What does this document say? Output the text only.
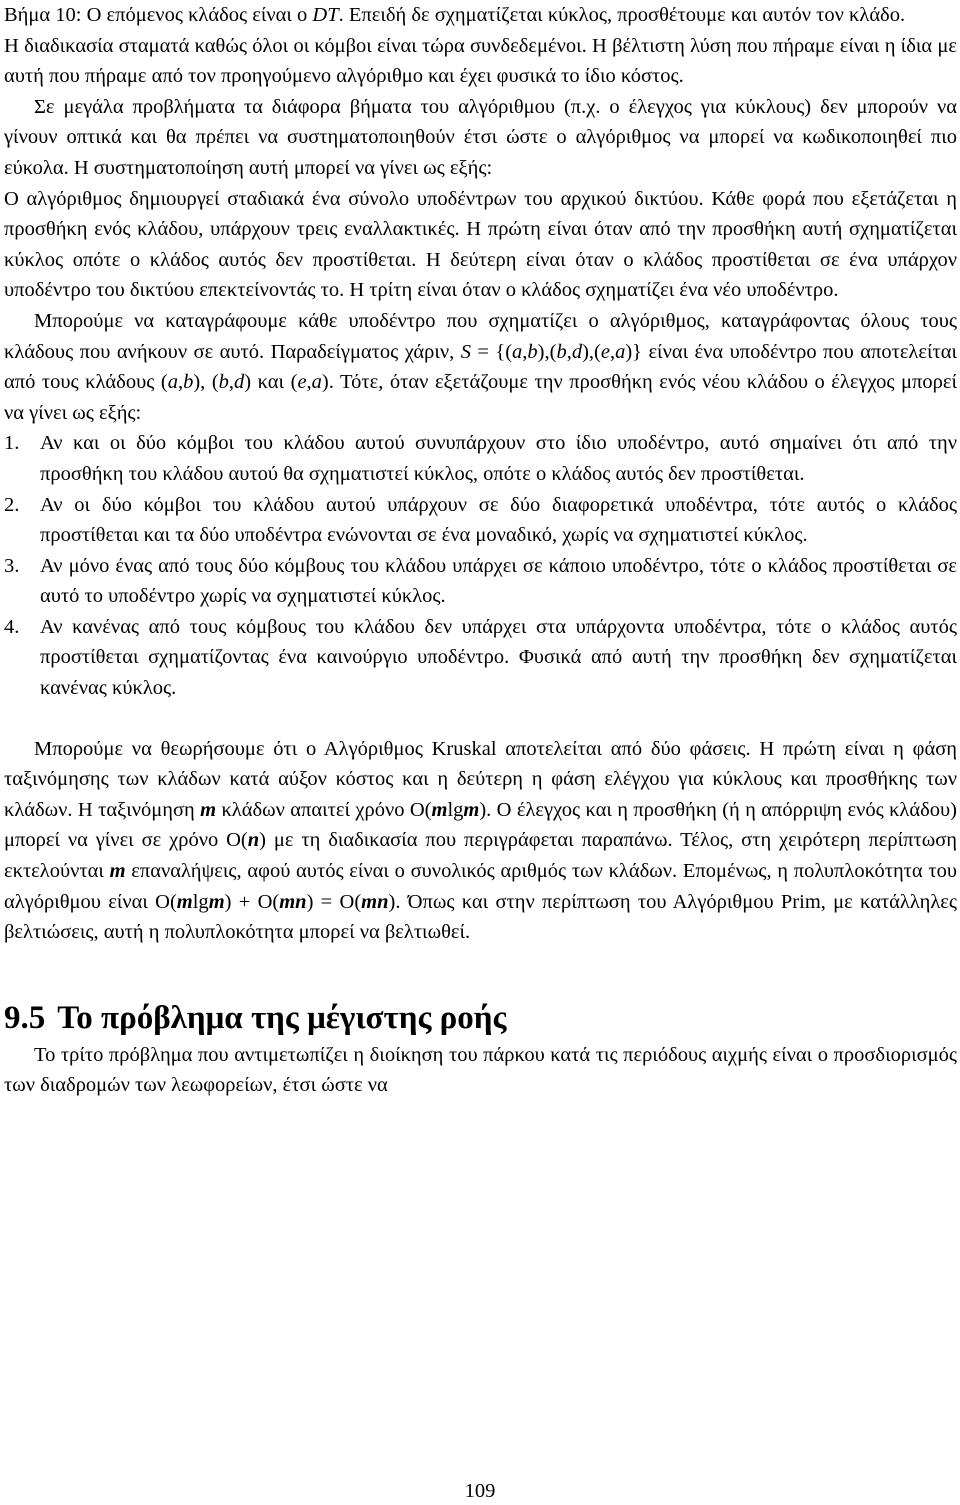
Βήμα 10: Ο επόμενος κλάδος είναι ο DT. Επειδή δε σχηματίζεται κύκλος, προσθέτουμε και αυτόν τον κλάδο.

Η διαδικασία σταματά καθώς όλοι οι κόμβοι είναι τώρα συνδεδεμένοι. Η βέλτιστη λύση που πήραμε είναι η ίδια με αυτή που πήραμε από τον προηγούμενο αλγόριθμο και έχει φυσικά το ίδιο κόστος.

Σε μεγάλα προβλήματα τα διάφορα βήματα του αλγόριθμου (π.χ. ο έλεγχος για κύκλους) δεν μπορούν να γίνουν οπτικά και θα πρέπει να συστηματοποιηθούν έτσι ώστε ο αλγόριθμος να μπορεί να κωδικοποιηθεί πιο εύκολα. Η συστηματοποίηση αυτή μπορεί να γίνει ως εξής:

Ο αλγόριθμος δημιουργεί σταδιακά ένα σύνολο υποδέντρων του αρχικού δικτύου. Κάθε φορά που εξετάζεται η προσθήκη ενός κλάδου, υπάρχουν τρεις εναλλακτικές. Η πρώτη είναι όταν από την προσθήκη αυτή σχηματίζεται κύκλος οπότε ο κλάδος αυτός δεν προστίθεται. Η δεύτερη είναι όταν ο κλάδος προστίθεται σε ένα υπάρχον υποδέντρο του δικτύου επεκτείνοντάς το. Η τρίτη είναι όταν ο κλάδος σχηματίζει ένα νέο υποδέντρο.

Μπορούμε να καταγράφουμε κάθε υποδέντρο που σχηματίζει ο αλγόριθμος, καταγράφοντας όλους τους κλάδους που ανήκουν σε αυτό. Παραδείγματος χάριν, S = {(a,b),(b,d),(e,a)} είναι ένα υποδέντρο που αποτελείται από τους κλάδους (a,b), (b,d) και (e,a). Τότε, όταν εξετάζουμε την προσθήκη ενός νέου κλάδου ο έλεγχος μπορεί να γίνει ως εξής:

1. Αν και οι δύο κόμβοι του κλάδου αυτού συνυπάρχουν στο ίδιο υποδέντρο, αυτό σημαίνει ότι από την προσθήκη του κλάδου αυτού θα σχηματιστεί κύκλος, οπότε ο κλάδος αυτός δεν προστίθεται.
2. Αν οι δύο κόμβοι του κλάδου αυτού υπάρχουν σε δύο διαφορετικά υποδέντρα, τότε αυτός ο κλάδος προστίθεται και τα δύο υποδέντρα ενώνονται σε ένα μοναδικό, χωρίς να σχηματιστεί κύκλος.
3. Αν μόνο ένας από τους δύο κόμβους του κλάδου υπάρχει σε κάποιο υποδέντρο, τότε ο κλάδος προστίθεται σε αυτό το υποδέντρο χωρίς να σχηματιστεί κύκλος.
4. Αν κανένας από τους κόμβους του κλάδου δεν υπάρχει στα υπάρχοντα υποδέντρα, τότε ο κλάδος αυτός προστίθεται σχηματίζοντας ένα καινούργιο υποδέντρο. Φυσικά από αυτή την προσθήκη δεν σχηματίζεται κανένας κύκλος.

Μπορούμε να θεωρήσουμε ότι ο Αλγόριθμος Kruskal αποτελείται από δύο φάσεις. Η πρώτη είναι η φάση ταξινόμησης των κλάδων κατά αύξον κόστος και η δεύτερη η φάση ελέγχου για κύκλους και προσθήκης των κλάδων. Η ταξινόμηση m κλάδων απαιτεί χρόνο O(mlgm). Ο έλεγχος και η προσθήκη (ή η απόρριψη ενός κλάδου) μπορεί να γίνει σε χρόνο O(n) με τη διαδικασία που περιγράφεται παραπάνω. Τέλος, στη χειρότερη περίπτωση εκτελούνται m επαναλήψεις, αφού αυτός είναι ο συνολικός αριθμός των κλάδων. Επομένως, η πολυπλοκότητα του αλγόριθμου είναι O(mlgm) + O(mn) = O(mn). Όπως και στην περίπτωση του Αλγόριθμου Prim, με κατάλληλες βελτιώσεις, αυτή η πολυπλοκότητα μπορεί να βελτιωθεί.

9.5 Το πρόβλημα της μέγιστης ροής

Το τρίτο πρόβλημα που αντιμετωπίζει η διοίκηση του πάρκου κατά τις περιόδους αιχμής είναι ο προσδιορισμός των διαδρομών των λεωφορείων, έτσι ώστε να

109
